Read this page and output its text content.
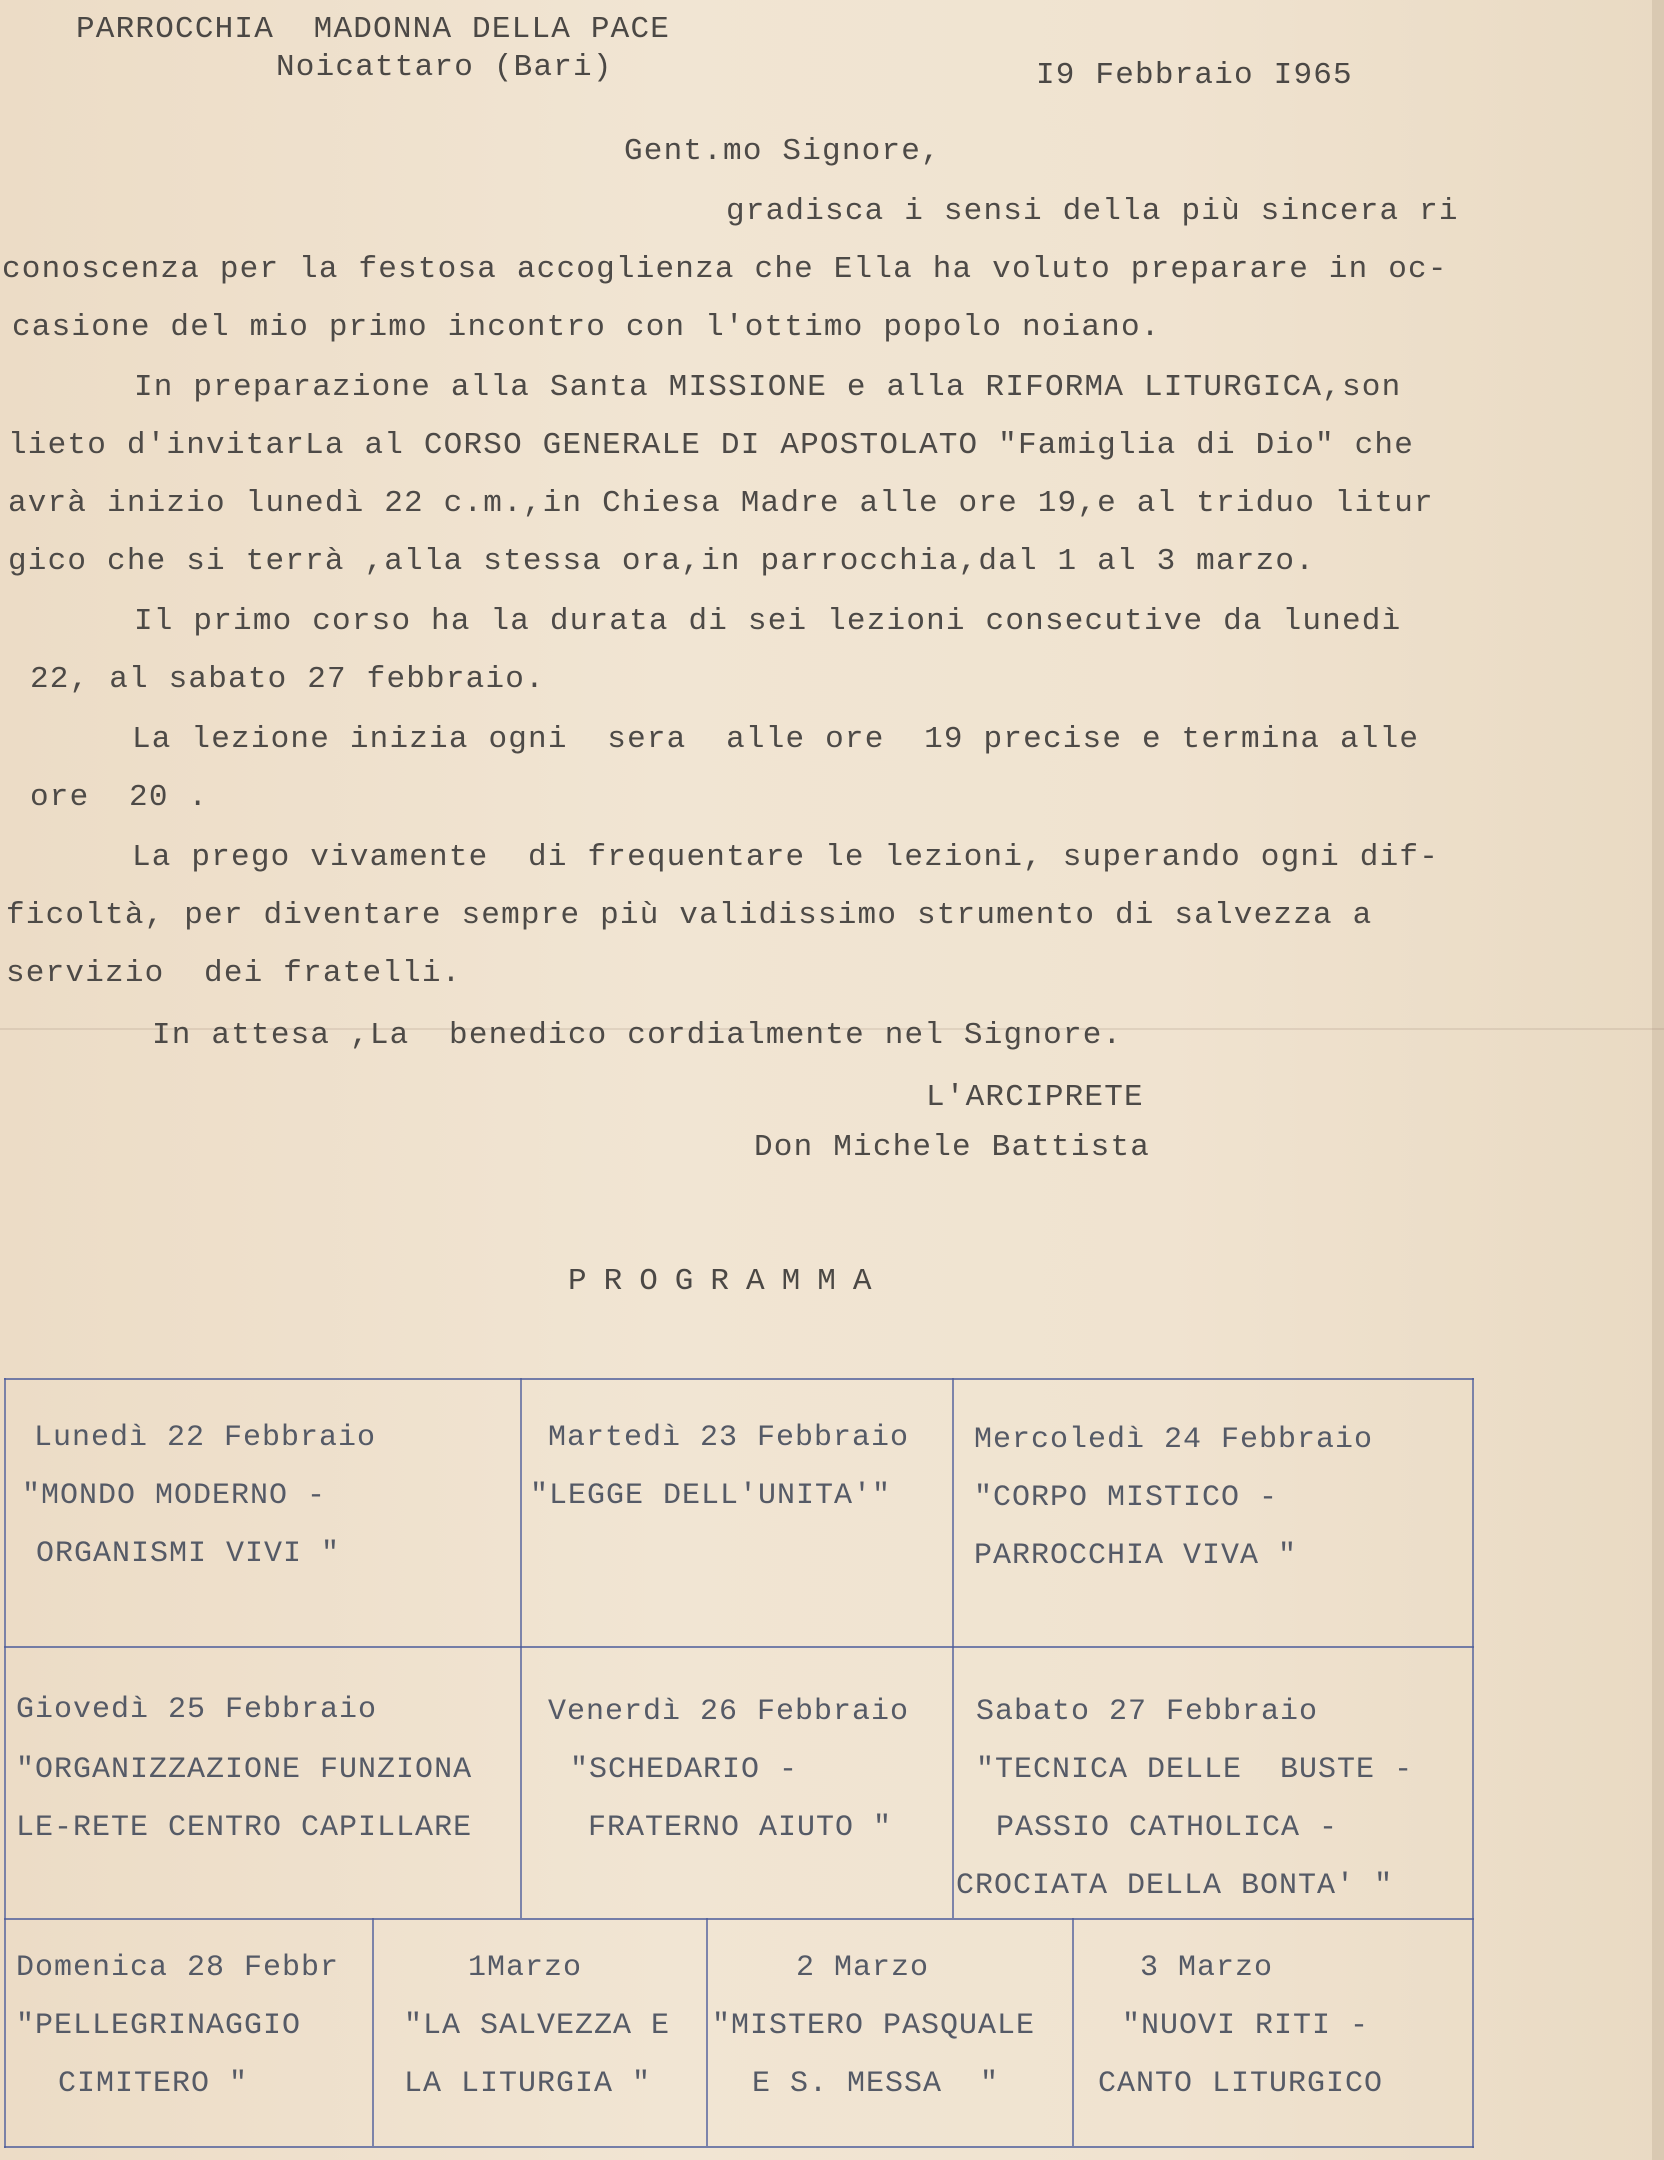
PARROCCHIA  MADONNA DELLA PACE
Noicattaro (Bari)	I9 Febbraio I965
Gent.mo Signore,
gradisca i sensi della più sincera ri
conoscenza per la festosa accoglienza che Ella ha voluto preparare in oc-
casione del mio primo incontro con l'ottimo popolo noiano.
In preparazione alla Santa MISSIONE e alla RIFORMA LITURGICA,son
lieto d'invitarLa al CORSO GENERALE DI APOSTOLATO "Famiglia di Dio" che
avrà inizio lunedì 22 c.m.,in Chiesa Madre alle ore 19,e al triduo litur
gico che si terrà ,alla stessa ora,in parrocchia,dal 1 al 3 marzo.
Il primo corso ha la durata di sei lezioni consecutive da lunedì
22, al sabato 27 febbraio.
La lezione inizia ogni  sera  alle ore  19 precise e termina alle
ore  20 .
La prego vivamente  di frequentare le lezioni, superando ogni dif-
ficoltà, per diventare sempre più validissimo strumento di salvezza a
servizio  dei fratelli.
In attesa ,La  benedico cordialmente nel Signore.
L'ARCIPRETE
Don Michele Battista
PROGRAMMA
Lunedì 22 Febbraio
"MONDO MODERNO -
ORGANISMI VIVI "
Martedì 23 Febbraio
"LEGGE DELL'UNITA'"
Mercoledì 24 Febbraio
"CORPO MISTICO -
PARROCCHIA VIVA "
Giovedì 25 Febbraio
"ORGANIZZAZIONE FUNZIONA
LE-RETE CENTRO CAPILLARE
Venerdì 26 Febbraio
"SCHEDARIO -
FRATERNO AIUTO "
Sabato 27 Febbraio
"TECNICA DELLE  BUSTE -
PASSIO CATHOLICA -
CROCIATA DELLA BONTA' "
Domenica 28 Febbr
"PELLEGRINAGGIO
CIMITERO "
1Marzo
"LA SALVEZZA E
LA LITURGIA "
2 Marzo
"MISTERO PASQUALE
E S. MESSA  "
3 Marzo
"NUOVI RITI -
CANTO LITURGICO
